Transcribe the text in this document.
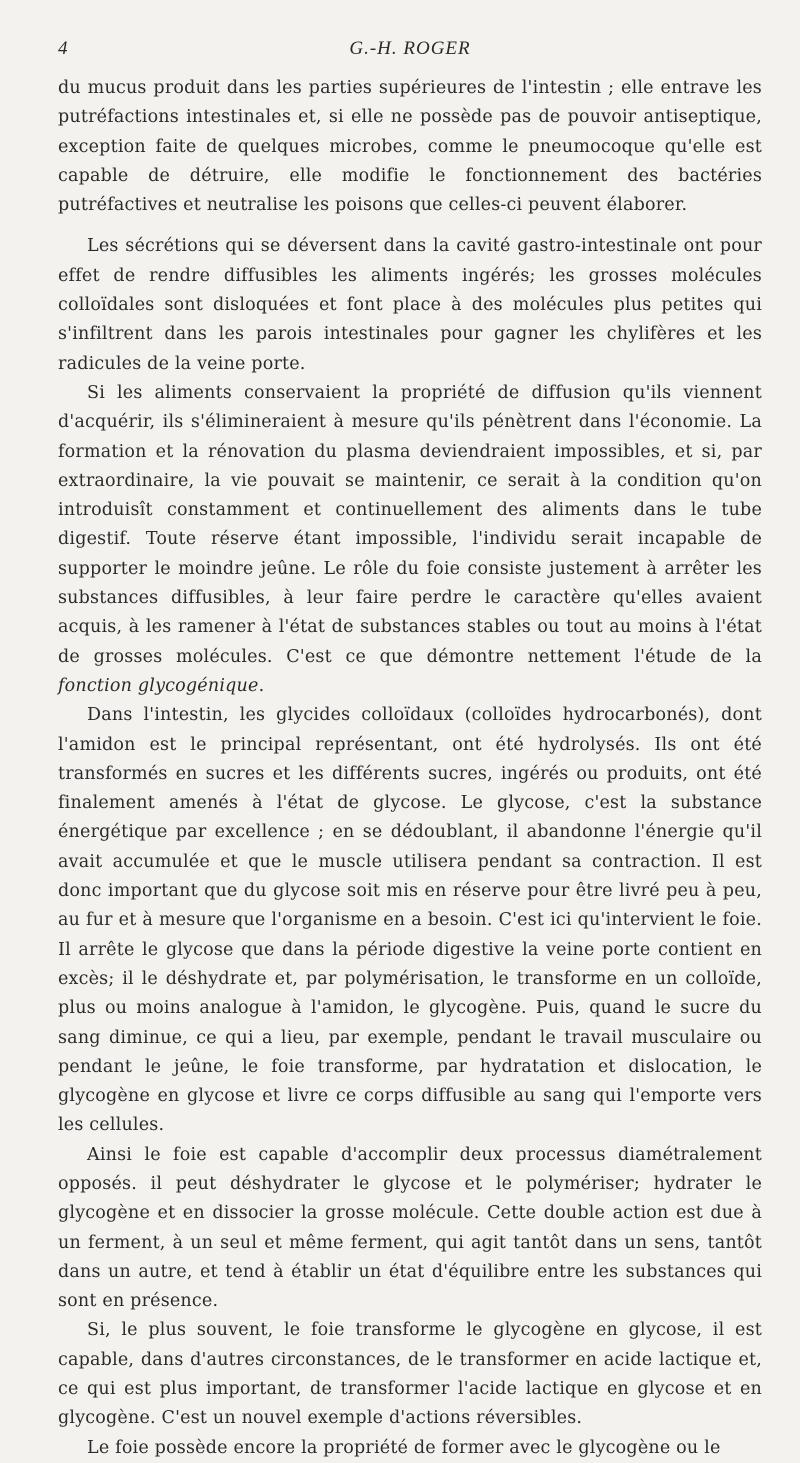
4	G.-H. ROGER

du mucus produit dans les parties supérieures de l'intestin ; elle entrave les putréfactions intestinales et, si elle ne possède pas de pouvoir antiseptique, exception faite de quelques microbes, comme le pneumocoque qu'elle est capable de détruire, elle modifie le fonctionnement des bactéries putréfactives et neutralise les poisons que celles-ci peuvent élaborer.

Les sécrétions qui se déversent dans la cavité gastro-intestinale ont pour effet de rendre diffusibles les aliments ingérés; les grosses molécules colloïdales sont disloquées et font place à des molécules plus petites qui s'infiltrent dans les parois intestinales pour gagner les chylifères et les radicules de la veine porte.

Si les aliments conservaient la propriété de diffusion qu'ils viennent d'acquérir, ils s'élimineraient à mesure qu'ils pénètrent dans l'économie. La formation et la rénovation du plasma deviendraient impossibles, et si, par extraordinaire, la vie pouvait se maintenir, ce serait à la condition qu'on introduisît constamment et continuellement des aliments dans le tube digestif. Toute réserve étant impossible, l'individu serait incapable de supporter le moindre jeûne. Le rôle du foie consiste justement à arrêter les substances diffusibles, à leur faire perdre le caractère qu'elles avaient acquis, à les ramener à l'état de substances stables ou tout au moins à l'état de grosses molécules. C'est ce que démontre nettement l'étude de la fonction glycogénique.

Dans l'intestin, les glycides colloïdaux (colloïdes hydrocarbonés), dont l'amidon est le principal représentant, ont été hydrolysés. Ils ont été transformés en sucres et les différents sucres, ingérés ou produits, ont été finalement amenés à l'état de glycose. Le glycose, c'est la substance énergétique par excellence ; en se dédoublant, il abandonne l'énergie qu'il avait accumulée et que le muscle utilisera pendant sa contraction. Il est donc important que du glycose soit mis en réserve pour être livré peu à peu, au fur et à mesure que l'organisme en a besoin. C'est ici qu'intervient le foie. Il arrête le glycose que dans la période digestive la veine porte contient en excès; il le déshydrate et, par polymérisation, le transforme en un colloïde, plus ou moins analogue à l'amidon, le glycogène. Puis, quand le sucre du sang diminue, ce qui a lieu, par exemple, pendant le travail musculaire ou pendant le jeûne, le foie transforme, par hydratation et dislocation, le glycogène en glycose et livre ce corps diffusible au sang qui l'emporte vers les cellules.

Ainsi le foie est capable d'accomplir deux processus diamétralement opposés. il peut déshydrater le glycose et le polymériser; hydrater le glycogène et en dissocier la grosse molécule. Cette double action est due à un ferment, à un seul et même ferment, qui agit tantôt dans un sens, tantôt dans un autre, et tend à établir un état d'équilibre entre les substances qui sont en présence.

Si, le plus souvent, le foie transforme le glycogène en glycose, il est capable, dans d'autres circonstances, de le transformer en acide lactique et, ce qui est plus important, de transformer l'acide lactique en glycose et en glycogène. C'est un nouvel exemple d'actions réversibles.

Le foie possède encore la propriété de former avec le glycogène ou le
